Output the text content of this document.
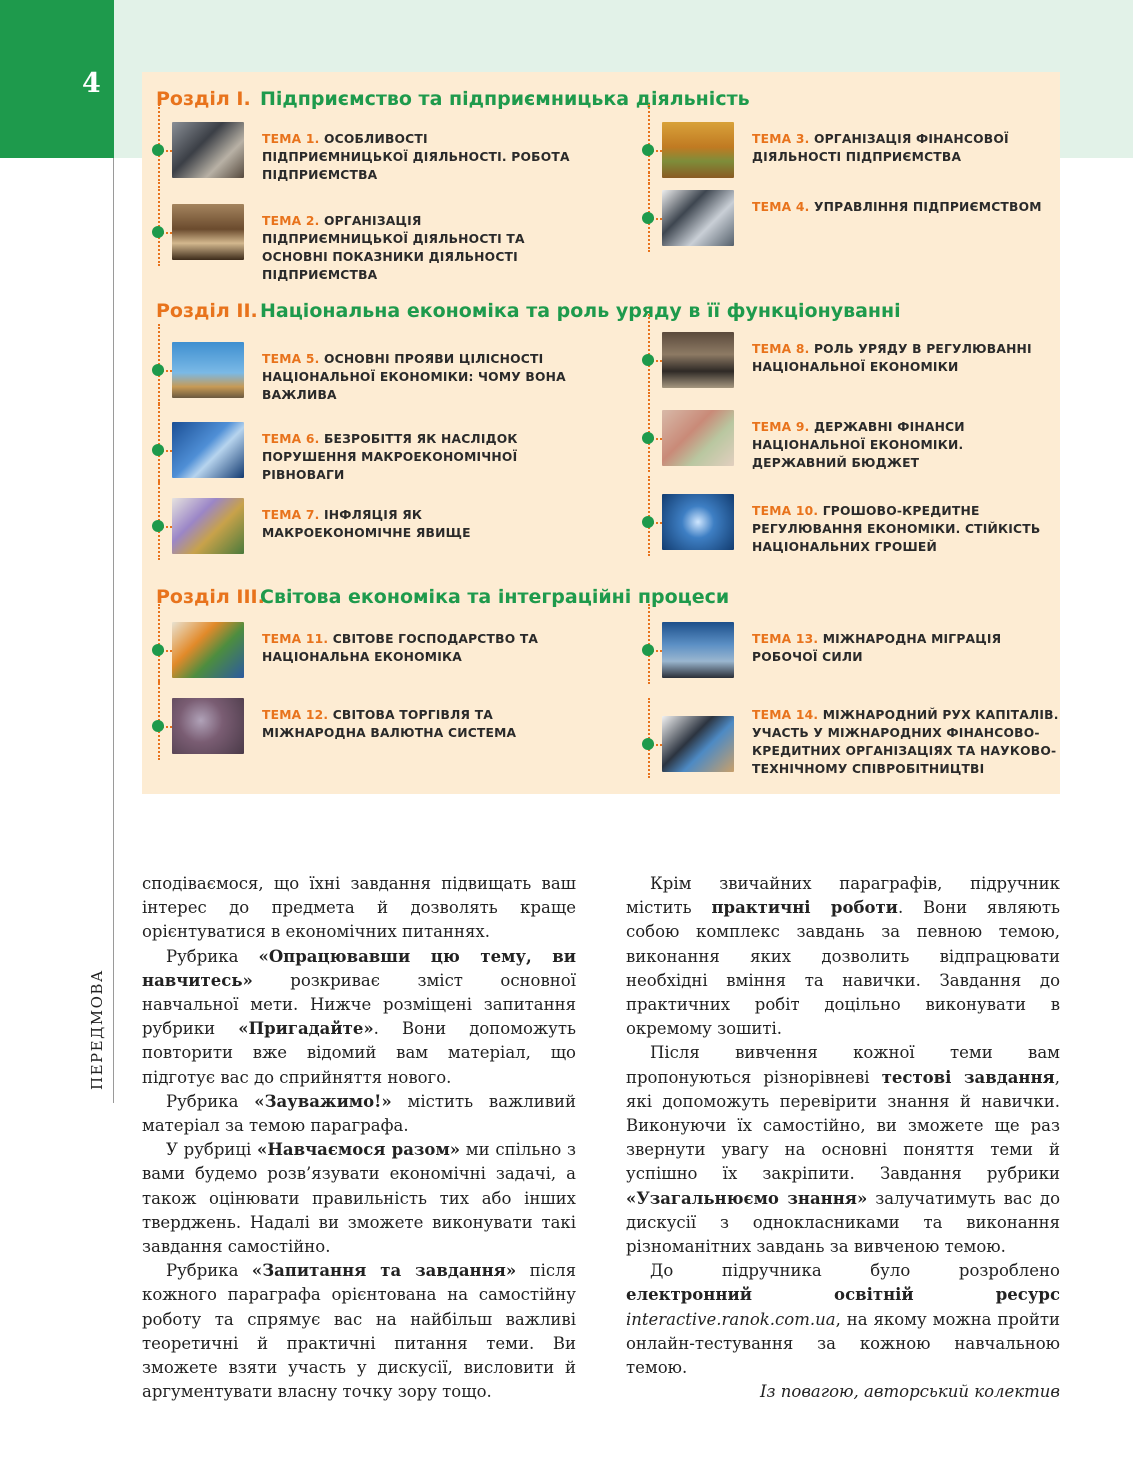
4
ПЕРЕДМОВА
Розділ I. Підприємство та підприємницька діяльність
ТЕМА 1. ОСОБЛИВОСТІ ПІДПРИЄМНИЦЬКОЇ ДІЯЛЬНОСТІ. РОБОТА ПІДПРИЄМСТВА
ТЕМА 2. ОРГАНІЗАЦІЯ ПІДПРИЄМНИЦЬКОЇ ДІЯЛЬНОСТІ ТА ОСНОВНІ ПОКАЗНИКИ ДІЯЛЬНОСТІ ПІДПРИЄМСТВА
ТЕМА 3. ОРГАНІЗАЦІЯ ФІНАНСОВОЇ ДІЯЛЬНОСТІ ПІДПРИЄМСТВА
ТЕМА 4. УПРАВЛІННЯ ПІДПРИЄМСТВОМ
Розділ II. Національна економіка та роль уряду в її функціонуванні
ТЕМА 5. ОСНОВНІ ПРОЯВИ ЦІЛІСНОСТІ НАЦІОНАЛЬНОЇ ЕКОНОМІКИ: ЧОМУ ВОНА ВАЖЛИВА
ТЕМА 6. БЕЗРОБІТТЯ ЯК НАСЛІДОК ПОРУШЕННЯ МАКРОЕКОНОМІЧНОЇ РІВНОВАГИ
ТЕМА 7. ІНФЛЯЦІЯ ЯК МАКРОЕКОНОМІЧНЕ ЯВИЩЕ
ТЕМА 8. РОЛЬ УРЯДУ В РЕГУЛЮВАННІ НАЦІОНАЛЬНОЇ ЕКОНОМІКИ
ТЕМА 9. ДЕРЖАВНІ ФІНАНСИ НАЦІОНАЛЬНОЇ ЕКОНОМІКИ. ДЕРЖАВНИЙ БЮДЖЕТ
ТЕМА 10. ГРОШОВО-КРЕДИТНЕ РЕГУЛЮВАННЯ ЕКОНОМІКИ. СТІЙКІСТЬ НАЦІОНАЛЬНИХ ГРОШЕЙ
Розділ III.Світова економіка та інтеграційні процеси
ТЕМА 11. СВІТОВЕ ГОСПОДАРСТВО ТА НАЦІОНАЛЬНА ЕКОНОМІКА
ТЕМА 12. СВІТОВА ТОРГІВЛЯ ТА МІЖНАРОДНА ВАЛЮТНА СИСТЕМА
ТЕМА 13. МІЖНАРОДНА МІГРАЦІЯ РОБОЧОЇ СИЛИ
ТЕМА 14. МІЖНАРОДНИЙ РУХ КАПІТАЛІВ. УЧАСТЬ У МІЖНАРОДНИХ ФІНАНСОВО-КРЕДИТНИХ ОРГАНІЗАЦІЯХ ТА НАУКОВО-ТЕХНІЧНОМУ СПІВРОБІТНИЦТВІ

сподіваємося, що їхні завдання підвищать ваш інтерес до предмета й дозволять краще орієнтуватися в економічних питаннях.

Рубрика «Опрацювавши цю тему, ви навчитесь» розкриває зміст основної навчальної мети. Нижче розміщені запитання рубрики «Пригадайте». Вони допоможуть повторити вже відомий вам матеріал, що підготує вас до сприйняття нового.

Рубрика «Зауважимо!» містить важливий матеріал за темою параграфа.

У рубриці «Навчаємося разом» ми спільно з вами будемо розв’язувати економічні задачі, а також оцінювати правильність тих або інших тверджень. Надалі ви зможете виконувати такі завдання самостійно.

Рубрика «Запитання та завдання» після кожного параграфа орієнтована на самостійну роботу та спрямує вас на найбільш важливі теоретичні й практичні питання теми. Ви зможете взяти участь у дискусії, висловити й аргументувати власну точку зору тощо.

Крім звичайних параграфів, підручник містить практичні роботи. Вони являють собою комплекс завдань за певною темою, виконання яких дозволить відпрацювати необхідні вміння та навички. Завдання до практичних робіт доцільно виконувати в окремому зошиті.

Після вивчення кожної теми вам пропонуються різнорівневі тестові завдання, які допоможуть перевірити знання й навички. Виконуючи їх самостійно, ви зможете ще раз звернути увагу на основні поняття теми й успішно їх закріпити. Завдання рубрики «Узагальнюємо знання» залучатимуть вас до дискусії з однокласниками та виконання різноманітних завдань за вивченою темою.

До підручника було розроблено електронний освітній ресурс interactive.ranok.com.ua, на якому можна пройти онлайн-тестування за кожною навчальною темою.

Із повагою, авторський колектив
